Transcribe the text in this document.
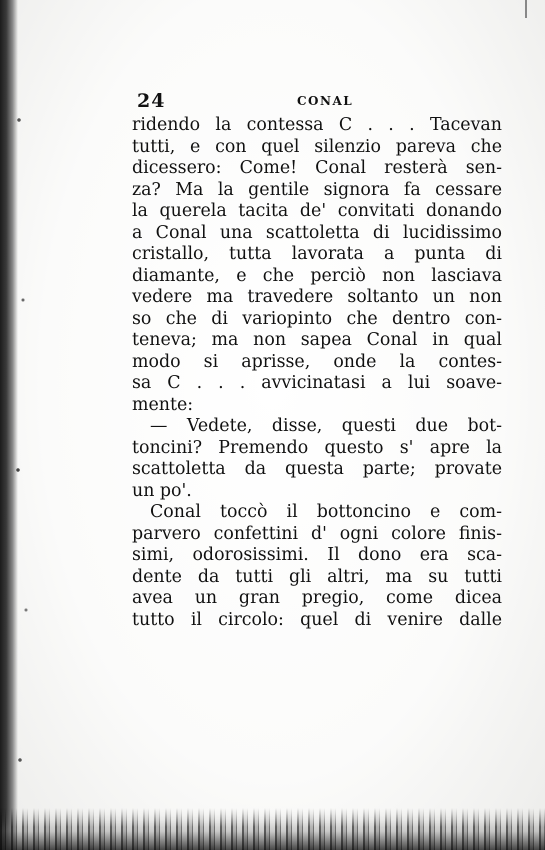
24	CONAL
ridendo la contessa C . . . Tacevan
tutti, e con quel silenzio pareva che
dicessero: Come! Conal resterà sen-
za? Ma la gentile signora fa cessare
la querela tacita de' convitati donando
a Conal una scattoletta di lucidissimo
cristallo, tutta lavorata a punta di
diamante, e che perciò non lasciava
vedere ma travedere soltanto un non
so che di variopinto che dentro con-
teneva; ma non sapea Conal in qual
modo si aprisse, onde la contes-
sa C . . . avvicinatasi a lui soave-
mente:
— Vedete, disse, questi due bot-
toncini? Premendo questo s' apre la
scattoletta da questa parte; provate
un po'.
Conal toccò il bottoncino e com-
parvero confettini d' ogni colore finis-
simi, odorosissimi. Il dono era sca-
dente da tutti gli altri, ma su tutti
avea un gran pregio, come dicea
tutto il circolo: quel di venire dalle
